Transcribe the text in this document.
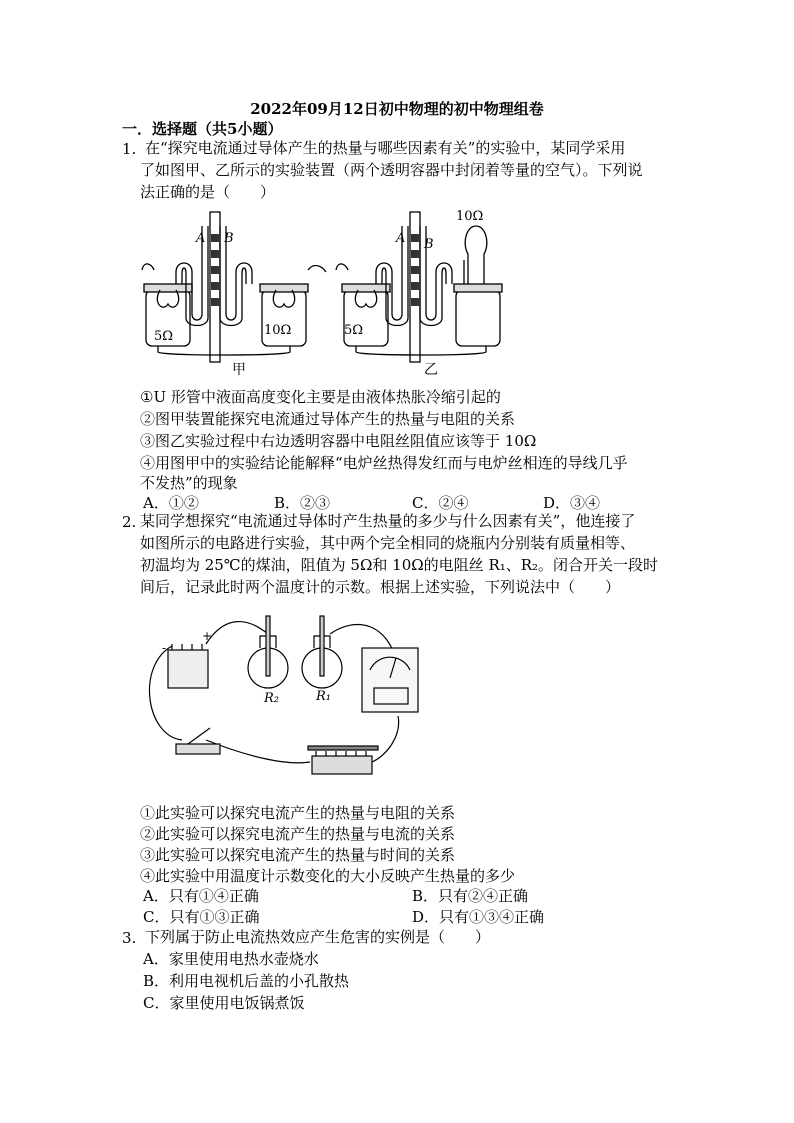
2022年09月12日初中物理的初中物理组卷
一．选择题（共5小题）
1. 在“探究电流通过导体产生的热量与哪些因素有关”的实验中，某同学采用
了如图甲、乙所示的实验装置（两个透明容器中封闭着等量的空气）。下列说
法正确的是（　　）
A B
5Ω	10Ω
甲
A B
5Ω
10Ω
乙
①U 形管中液面高度变化主要是由液体热胀冷缩引起的
②图甲装置能探究电流通过导体产生的热量与电阻的关系
③图乙实验过程中右边透明容器中电阻丝阻值应该等于 10Ω
④用图甲中的实验结论能解释“电炉丝热得发红而与电炉丝相连的导线几乎
不发热”的现象
A．①②	B．②③	C．②④	D．③④
2. 某同学想探究“电流通过导体时产生热量的多少与什么因素有关”，他连接了
如图所示的电路进行实验，其中两个完全相同的烧瓶内分别装有质量相等、
初温均为 25℃的煤油，阻值为 5Ω和 10Ω的电阻丝 R₁、R₂。闭合开关一段时
间后，记录此时两个温度计的示数。根据上述实验，下列说法中（　　）
+
-
R₂	R₁
①此实验可以探究电流产生的热量与电阻的关系
②此实验可以探究电流产生的热量与电流的关系
③此实验可以探究电流产生的热量与时间的关系
④此实验中用温度计示数变化的大小反映产生热量的多少
A．只有①④正确	B．只有②④正确
C．只有①③正确	D．只有①③④正确
3. 下列属于防止电流热效应产生危害的实例是（　　）
A．家里使用电热水壶烧水
B．利用电视机后盖的小孔散热
C．家里使用电饭锅煮饭
